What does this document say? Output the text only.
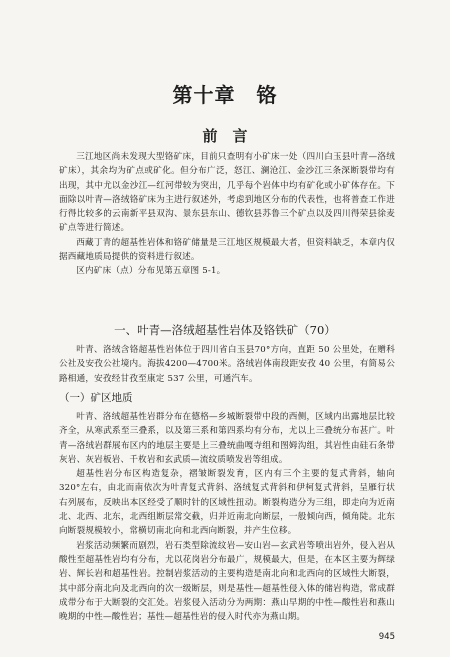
第十章　铬
前　言

三江地区尚未发现大型铬矿床，目前只查明有小矿床一处（四川白玉县叶青—洛绒矿床），其余均为矿点或矿化。但分布广泛，怒江、澜沧江、金沙江三条深断裂带均有出现，其中尤以金沙江—红河带较为突出，几乎每个岩体中均有矿化或小矿体存在。下面除以叶青—洛绒铬矿床为主进行叙述外，考虑到地区分布的代表性，也将普查工作进行得比较多的云南新平县双沟、景东县东山、德钦县苏鲁三个矿点以及四川得荣县徐麦矿点等进行简述。

西藏丁青的超基性岩体和铬矿储量是三江地区规模最大者，但资料缺乏，本章内仅据西藏地质局提供的资料进行叙述。

区内矿床（点）分布见第五章图 5-1。

一、叶青—洛绒超基性岩体及铬铁矿（70）

叶青、洛绒含铬超基性岩体位于四川省白玉县70°方向，直距 50 公里处，在赠科公社及安孜公社境内。海拔4200—4700米。洛绒岩体南段距安孜 40 公里，有简易公路相通，安孜经甘孜至康定 537 公里，可通汽车。

（一）矿区地质

叶青、洛绒超基性岩群分布在德格—乡城断裂带中段的西侧，区域内出露地层比较齐全，从寒武系至三叠系，以及第三系和第四系均有分布，尤以上三叠统分布甚广。叶青—洛绒岩群展布区内的地层主要是上三叠统曲嘎寺组和图姆沟组，其岩性由硅石条带灰岩、灰岩板岩、千枚岩和玄武质—流纹质喷发岩等组成。

超基性岩分布区构造复杂，褶皱断裂发育，区内有三个主要的复式背斜，轴向320°左右，由北而南依次为叶青复式背斜、洛绒复式背斜和伊柯复式背斜，呈雁行状右列展布，反映出本区经受了顺时针的区域性扭动。断裂构造分为三组，即走向为近南北、北西、北东，北西组断层常交截，归并近南北向断层，一般倾向西，倾角陡。北东向断裂规模较小，常横切南北向和北西向断裂，并产生位移。

岩浆活动频繁而剧烈，岩石类型除流纹岩—安山岩—玄武岩等喷出岩外，侵入岩从酸性至超基性岩均有分布，尤以花岗岩分布最广，规模最大，但是，在本区主要为辉绿岩、辉长岩和超基性岩。控制岩浆活动的主要构造是南北向和北西向的区域性大断裂，其中部分南北向及北西向的次一级断层，则是基性—超基性侵入体的储岩构造，常成群成带分布于大断裂的交汇处。岩浆侵入活动分为两期：燕山早期的中性—酸性岩和燕山晚期的中性—酸性岩；基性—超基性岩的侵入时代亦为燕山期。

945
